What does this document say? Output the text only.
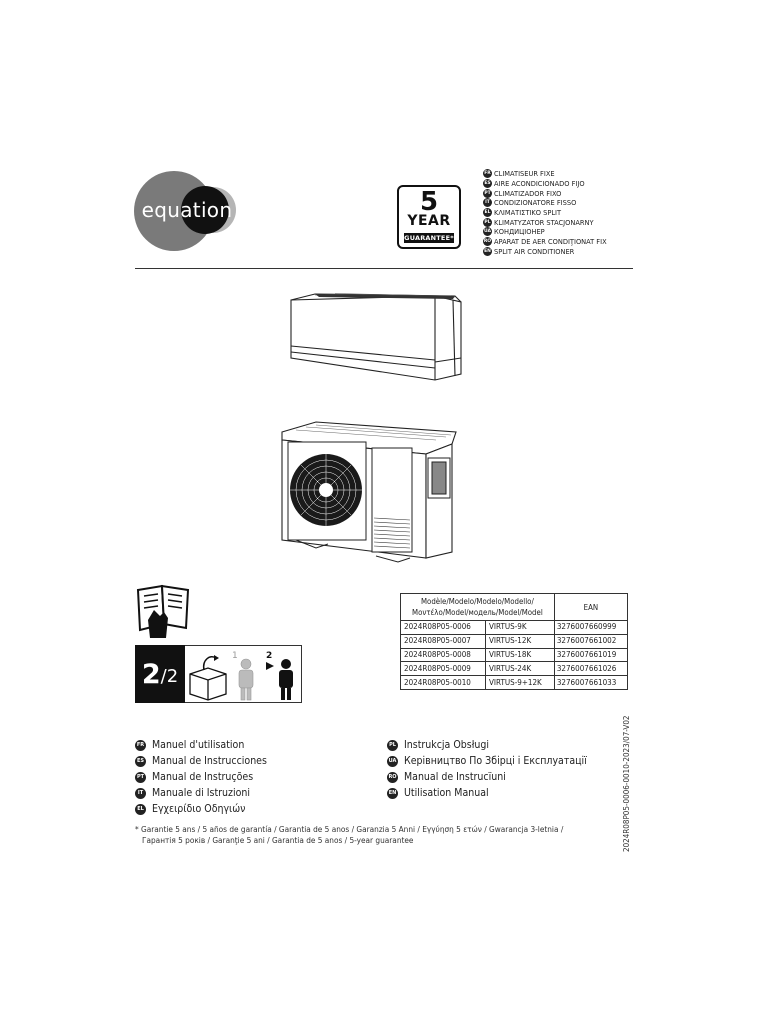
equation	5
YEAR
GUARANTEE*
FR CLIMATISEUR FIXE
ES AIRE ACONDICIONADO FIJO
PT CLIMATIZADOR FIXO
IT CONDIZIONATORE FISSO
EL ΚΛΙΜΑΤΙΣΤΙΚΟ SPLIT
PL KLIMATYZATOR STACJONARNY
UA КОНДИЦІОНЕР
RO APARAT DE AER CONDIŢIONAT FIX
EN SPLIT AIR CONDITIONER
2 /2
1	2
Modèle/Modelo/Modelo/Modello/
Μοντέλο/Model/модель/Model/Model		EAN
2024R08P05-0006	VIRTUS-9K	3276007660999
2024R08P05-0007	VIRTUS-12K	3276007661002
2024R08P05-0008	VIRTUS-18K	3276007661019
2024R08P05-0009	VIRTUS-24K	3276007661026
2024R08P05-0010	VIRTUS-9+12K	3276007661033
FR Manuel d'utilisation
ES Manual de Instrucciones
PT Manual de Instruções
IT Manuale di Istruzioni
EL Εγχειρίδιο Οδηγιών
PL Instrukcja Obsługi
UA Керівництво По Збірці і Експлуатації
RO Manual de Instrucïuni
EN Utilisation Manual
* Garantie 5 ans / 5 años de garantía / Garantia de 5 anos / Garanzia 5 Anni / Εγγύηση 5 ετών / Gwarancja 3-letnia /
Гарантія 5 років / Garanţie 5 ani / Garantia de 5 anos / 5-year guarantee	2024R08P05-0006-0010-2023/07-V02
